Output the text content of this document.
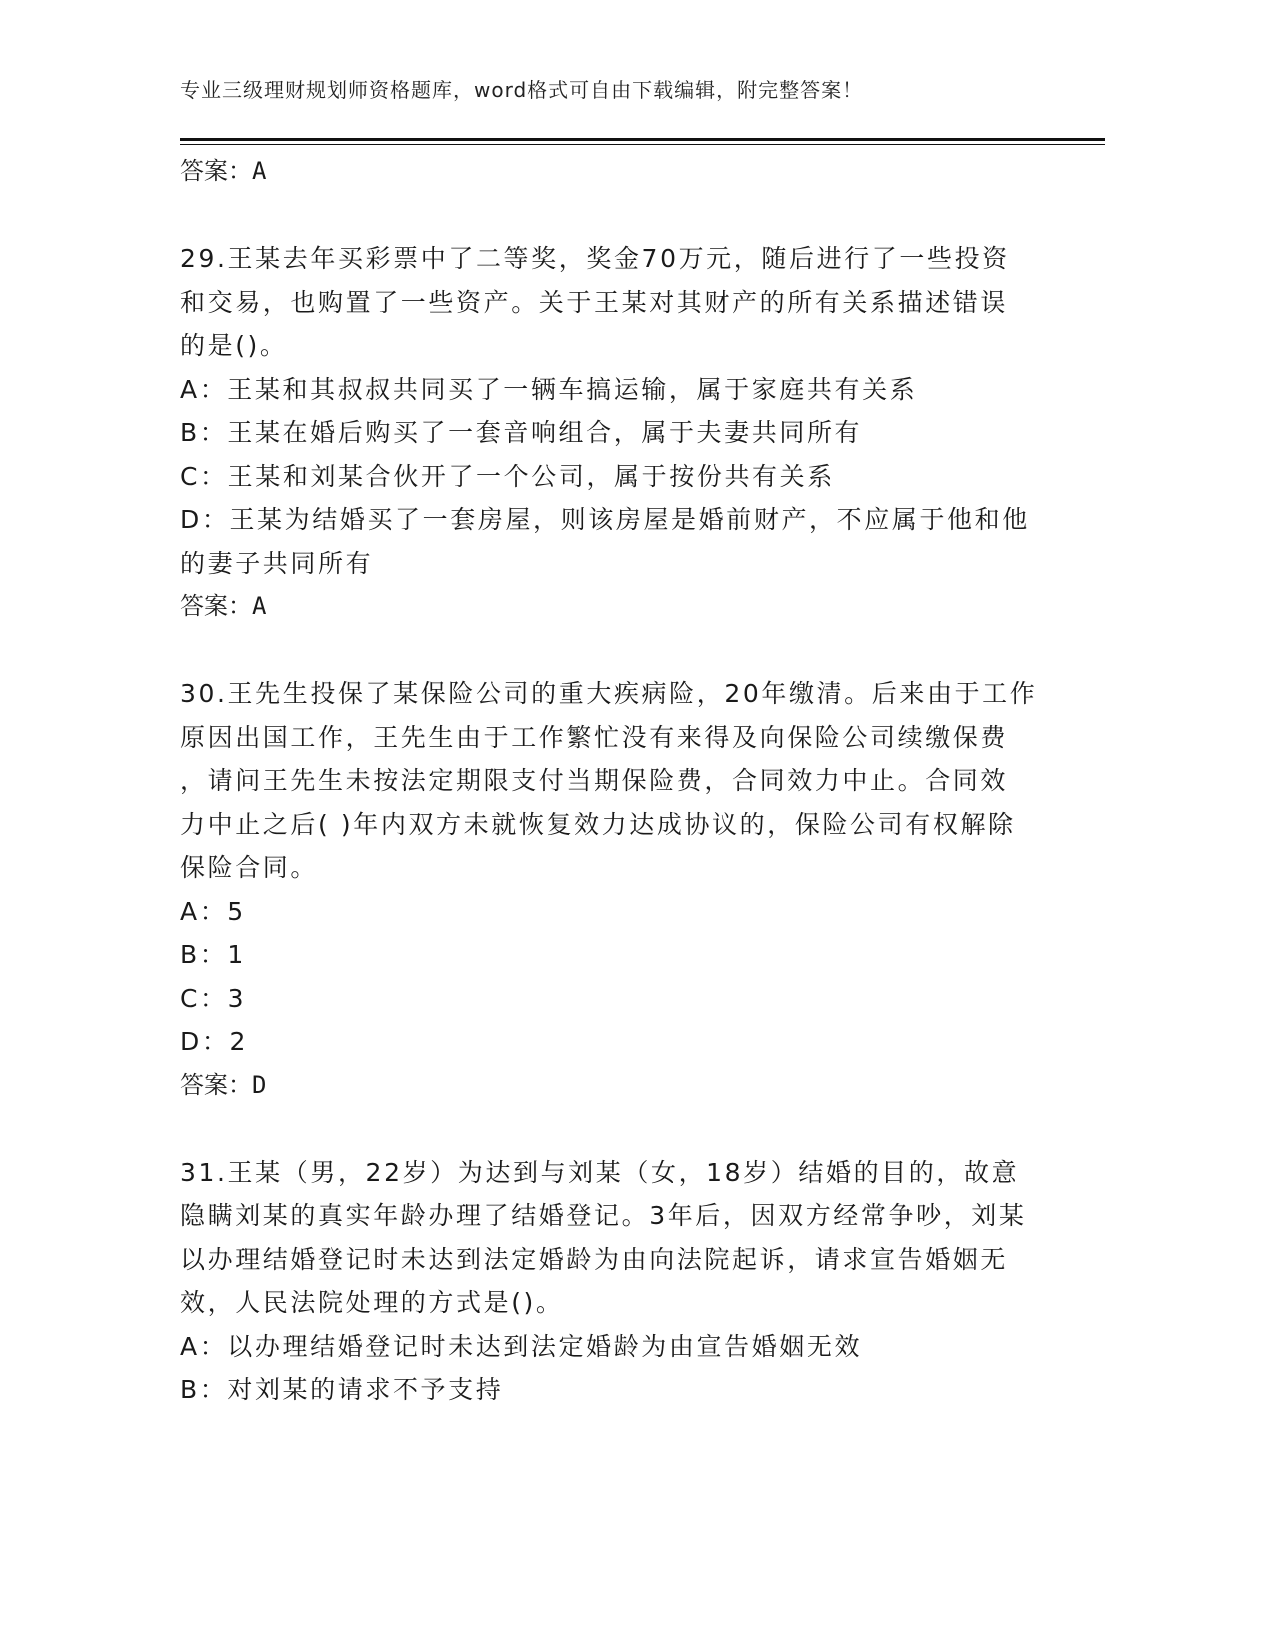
专业三级理财规划师资格题库，word格式可自由下载编辑，附完整答案！
答案：A
29.王某去年买彩票中了二等奖，奖金70万元，随后进行了一些投资
和交易，也购置了一些资产。关于王某对其财产的所有关系描述错误
的是()。
A：王某和其叔叔共同买了一辆车搞运输，属于家庭共有关系
B：王某在婚后购买了一套音响组合，属于夫妻共同所有
C：王某和刘某合伙开了一个公司，属于按份共有关系
D：王某为结婚买了一套房屋，则该房屋是婚前财产，不应属于他和他
的妻子共同所有
答案：A
30.王先生投保了某保险公司的重大疾病险，20年缴清。后来由于工作
原因出国工作，王先生由于工作繁忙没有来得及向保险公司续缴保费
，请问王先生未按法定期限支付当期保险费，合同效力中止。合同效
力中止之后( )年内双方未就恢复效力达成协议的，保险公司有权解除
保险合同。
A：5
B：1
C：3
D：2
答案：D
31.王某（男，22岁）为达到与刘某（女，18岁）结婚的目的，故意
隐瞒刘某的真实年龄办理了结婚登记。3年后，因双方经常争吵，刘某
以办理结婚登记时未达到法定婚龄为由向法院起诉，请求宣告婚姻无
效，人民法院处理的方式是()。
A：以办理结婚登记时未达到法定婚龄为由宣告婚姻无效
B：对刘某的请求不予支持
